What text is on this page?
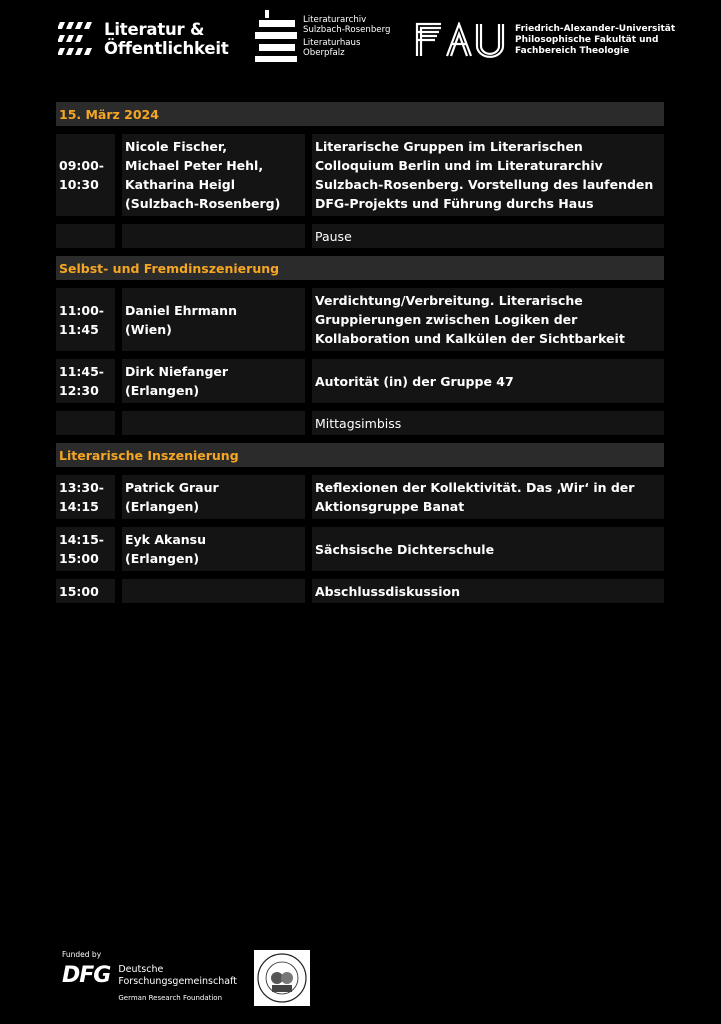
Literatur &
Öffentlichkeit
Literaturarchiv
Sulzbach-Rosenberg
Literaturhaus
Oberpfalz
FAU
Friedrich-Alexander-Universität
Philosophische Fakultät und
Fachbereich Theologie
15. März 2024
09:00-
10:30
Nicole Fischer,
Michael Peter Hehl,
Katharina Heigl
(Sulzbach-Rosenberg)
Literarische Gruppen im Literarischen Colloquium Berlin und im Literaturarchiv Sulzbach-Rosenberg. Vorstellung des laufenden DFG-Projekts und Führung durchs Haus
Pause
Selbst- und Fremdinszenierung
11:00-
11:45
Daniel Ehrmann
(Wien)
Verdichtung/Verbreitung. Literarische Gruppierungen zwischen Logiken der Kollaboration und Kalkülen der Sichtbarkeit
11:45-
12:30
Dirk Niefanger
(Erlangen)
Autorität (in) der Gruppe 47
Mittagsimbiss
Literarische Inszenierung
13:30-
14:15
Patrick Graur
(Erlangen)
Reflexionen der Kollektivität. Das ‚Wir‘ in der Aktionsgruppe Banat
14:15-
15:00
Eyk Akansu
(Erlangen)
Sächsische Dichterschule
15:00	Abschlussdiskussion
Funded by
DFG Deutsche
Forschungsgemeinschaft
German Research Foundation
Dr. Alfred-Vinzl-Stiftung
